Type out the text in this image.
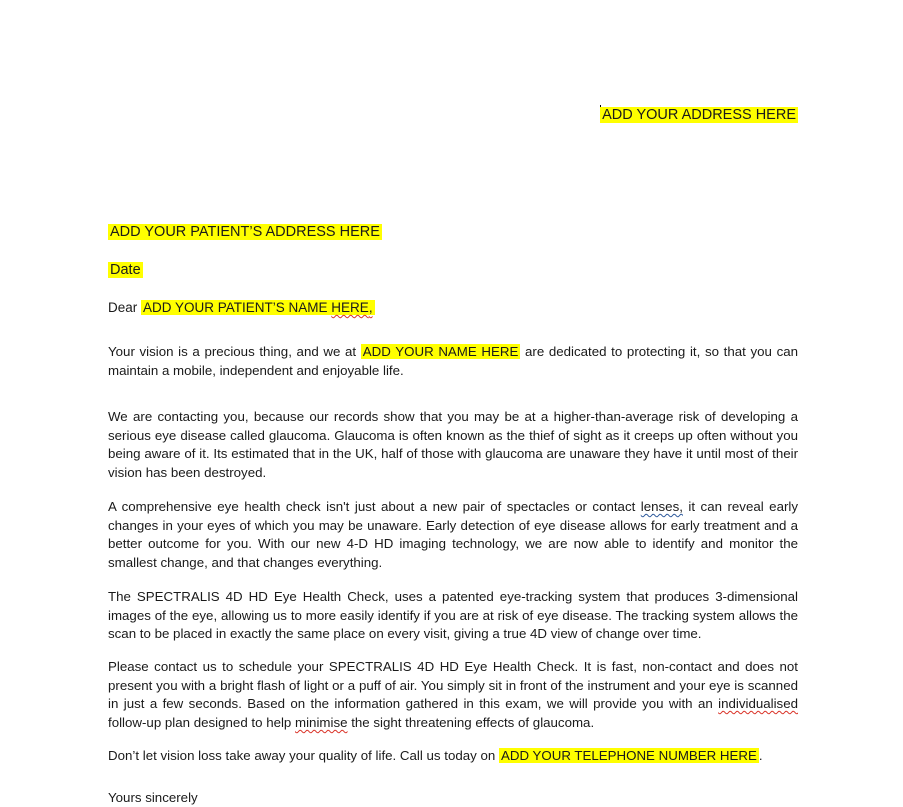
ADD YOUR ADDRESS HERE
ADD YOUR PATIENT’S ADDRESS HERE
Date
Dear ADD YOUR PATIENT’S NAME HERE,

Your vision is a precious thing, and we at ADD YOUR NAME HERE are dedicated to protecting it, so that you can maintain a mobile, independent and enjoyable life.

We are contacting you, because our records show that you may be at a higher-than-average risk of developing a serious eye disease called glaucoma. Glaucoma is often known as the thief of sight as it creeps up often without you being aware of it. Its estimated that in the UK, half of those with glaucoma are unaware they have it until most of their vision has been destroyed.

A comprehensive eye health check isn't just about a new pair of spectacles or contact lenses, it can reveal early changes in your eyes of which you may be unaware. Early detection of eye disease allows for early treatment and a better outcome for you. With our new 4-D HD imaging technology, we are now able to identify and monitor the smallest change, and that changes everything.

The SPECTRALIS 4D HD Eye Health Check, uses a patented eye-tracking system that produces 3-dimensional images of the eye, allowing us to more easily identify if you are at risk of eye disease. The tracking system allows the scan to be placed in exactly the same place on every visit, giving a true 4D view of change over time.

Please contact us to schedule your SPECTRALIS 4D HD Eye Health Check. It is fast, non-contact and does not present you with a bright flash of light or a puff of air. You simply sit in front of the instrument and your eye is scanned in just a few seconds. Based on the information gathered in this exam, we will provide you with an individualised follow-up plan designed to help minimise the sight threatening effects of glaucoma.

Don’t let vision loss take away your quality of life. Call us today on ADD YOUR TELEPHONE NUMBER HERE .

Yours sincerely
